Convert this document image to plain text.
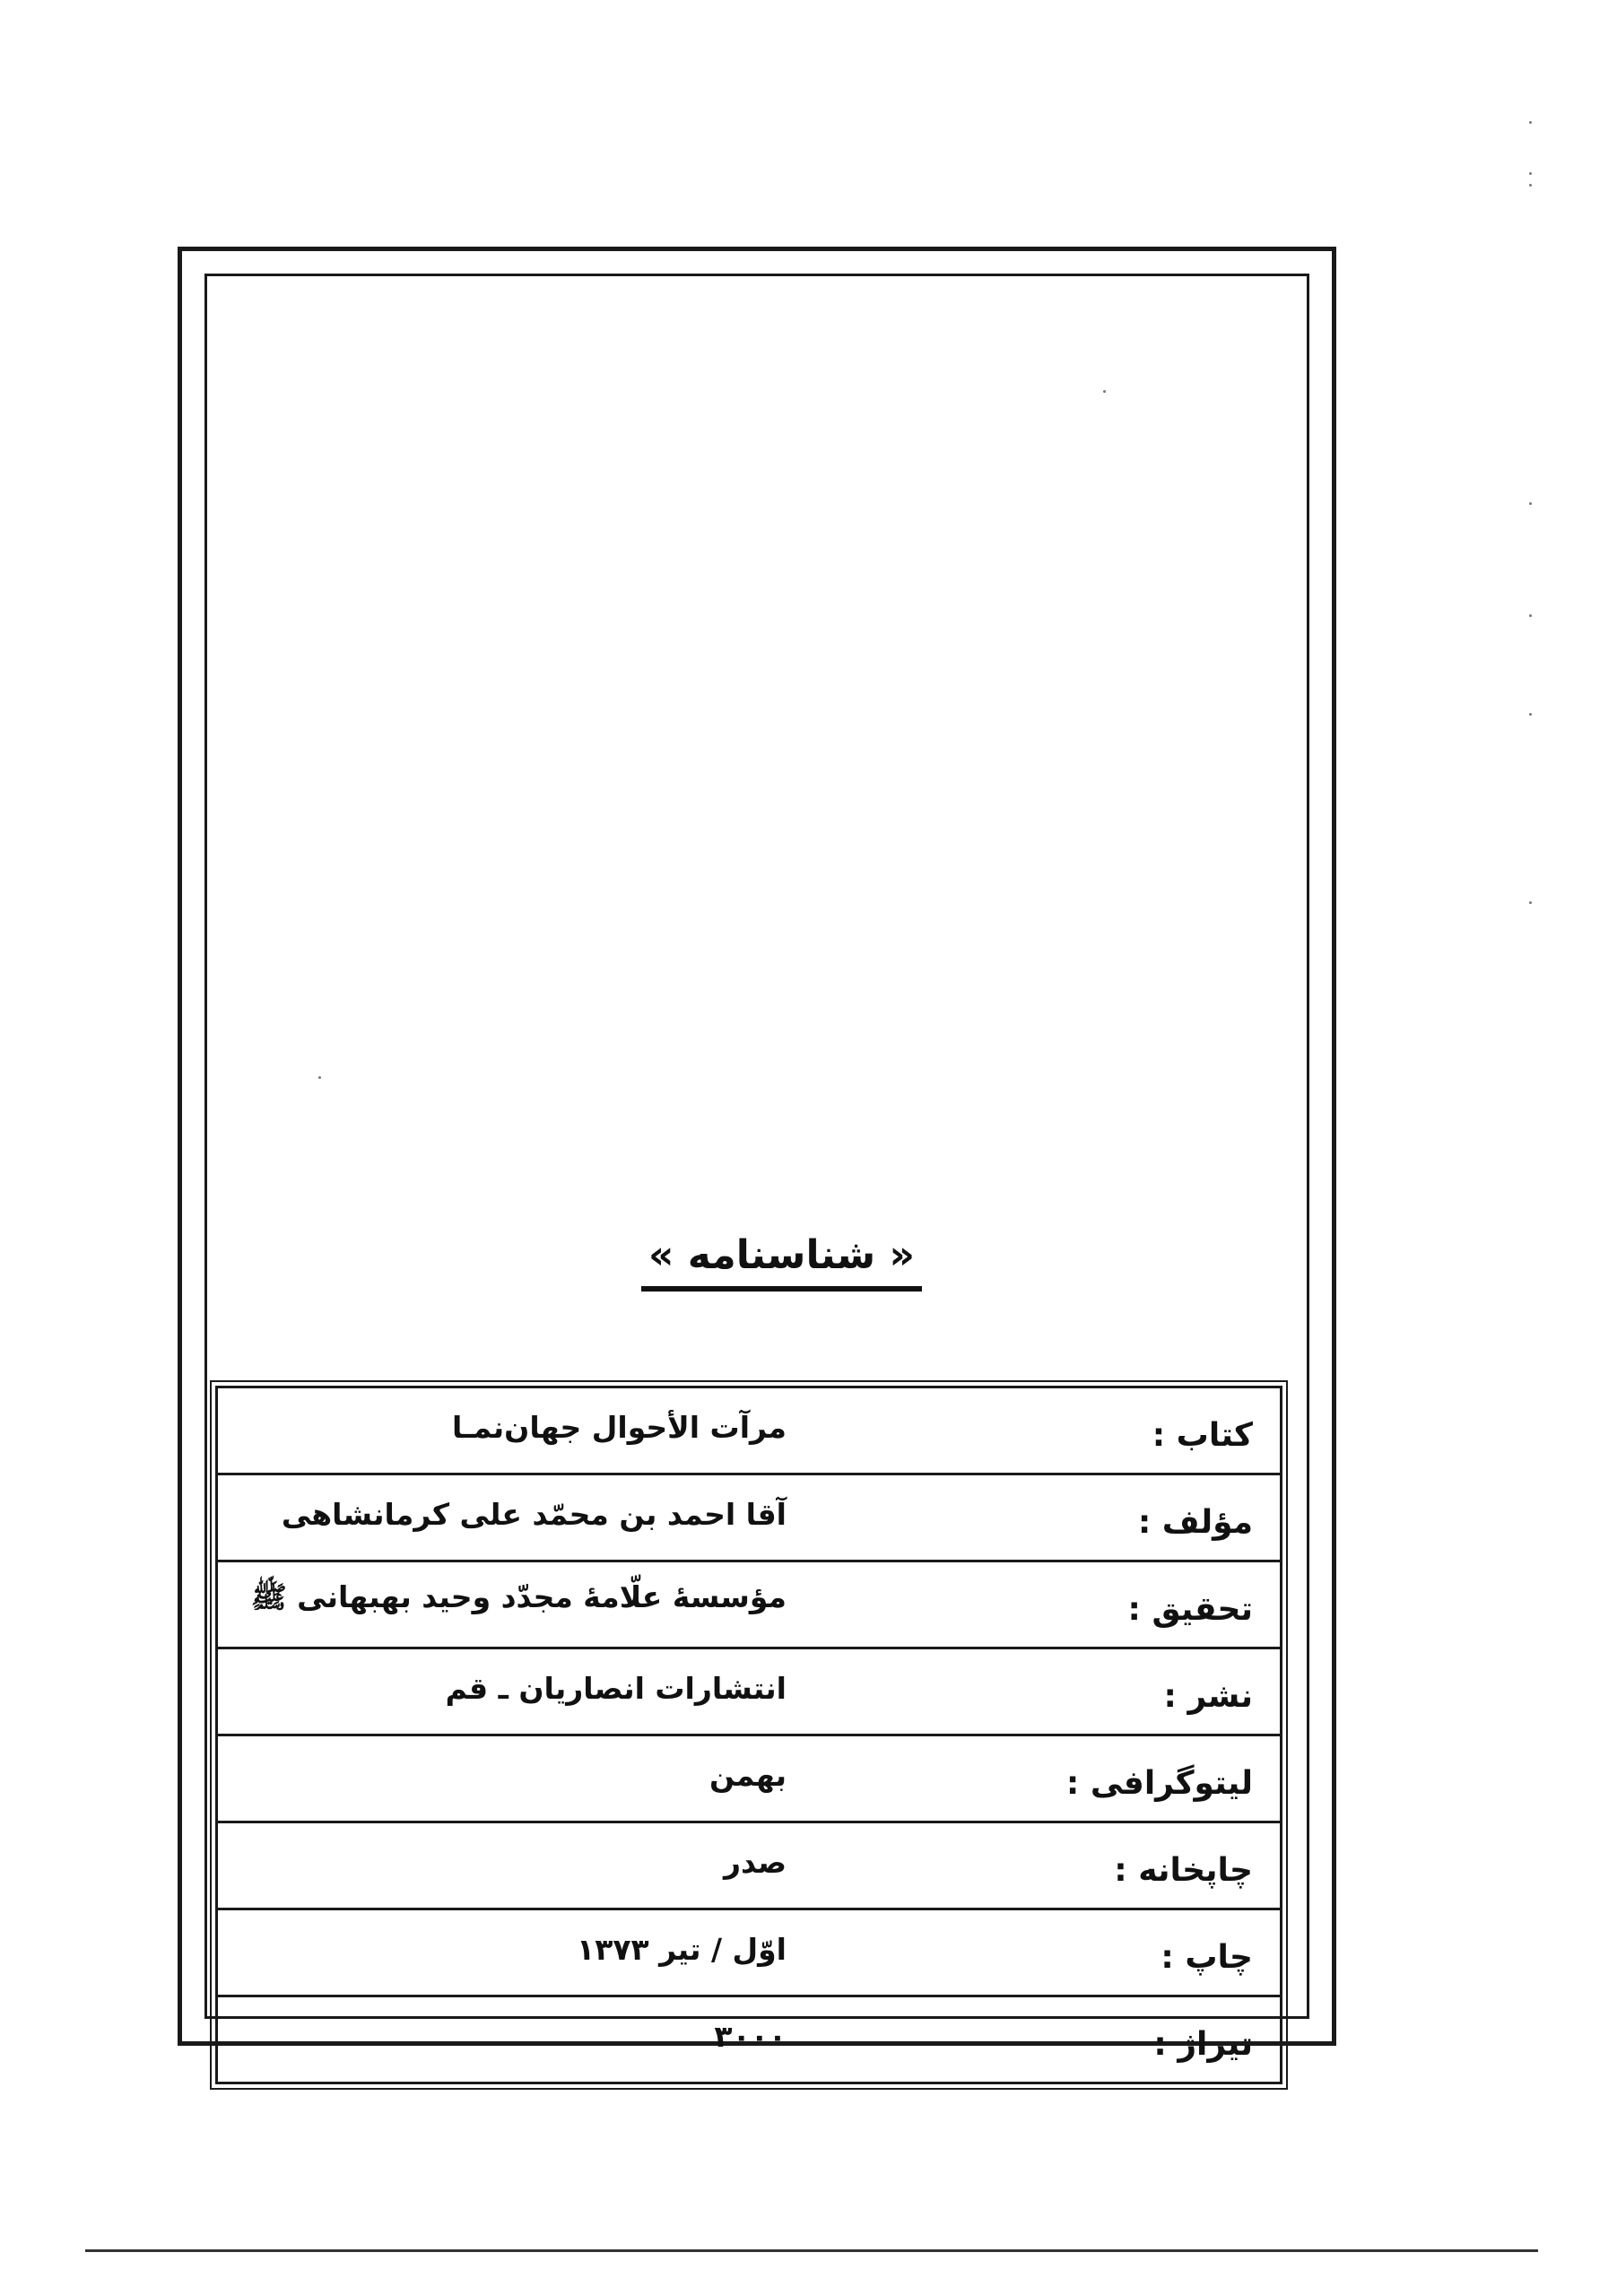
« شناسنامه »
کتاب :	مرآت الأحوال جهان‌نمـا
مؤلف :	آقا احمد بن محمّد علی کرمانشاهی
تحقیق :	مؤسسهٔ علّامهٔ مجدّد وحید بهبهانی ﷺ
نشر :	انتشارات انصاریان ـ قم
لیتوگرافی :	بهمن
چاپخانه :	صدر
چاپ :	اوّل / تیر ۱۳۷۳
تیراژ :	۳۰۰۰
